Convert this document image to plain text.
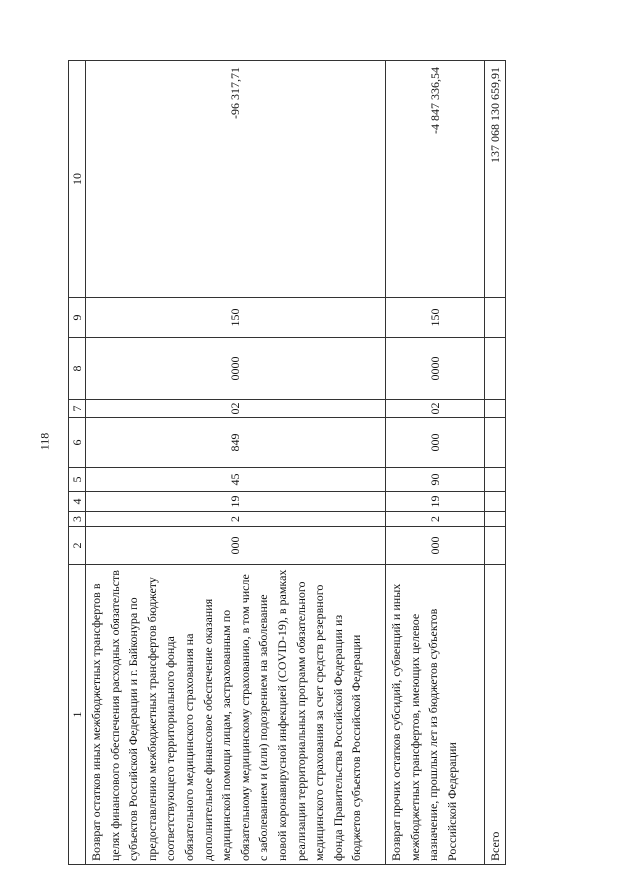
118
1	2	3	4	5	6	7	8	9	10
Возврат остатков иных межбюджетных трансфертов в целях финансового обеспечения расходных обязательств субъектов Российской Федерации и г. Байконура по предоставлению межбюджетных трансфертов бюджету соответствующего территориального фонда обязательного медицинского страхования на дополнительное финансовое обеспечение оказания медицинской помощи лицам, застрахованным по обязательному медицинскому страхованию, в том числе с заболеванием и (или) подозрением на заболевание новой коронавирусной инфекцией (COVID-19), в рамках реализации территориальных программ обязательного медицинского страхования за счет средств резервного фонда Правительства Российской Федерации из бюджетов субъектов Российской Федерации	000	2	19	45	849	02	0000	150	-96 317,71
Возврат прочих остатков субсидий, субвенций и иных межбюджетных трансфертов, имеющих целевое назначение, прошлых лет из бюджетов субъектов Российской Федерации	000	2	19	90	000	02	0000	150	-4 847 336,54
Всего									137 068 130 659,91
